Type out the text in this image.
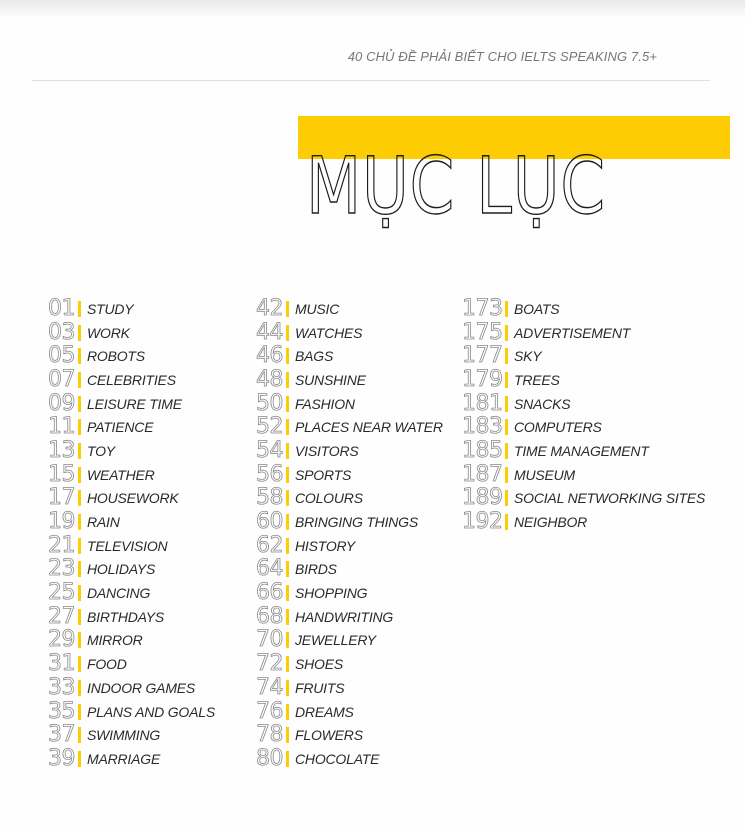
40 CHỦ ĐỀ PHẢI BIẾT CHO IELTS SPEAKING 7.5+
MỤC LỤC
01 STUDY
03 WORK
05 ROBOTS
07 CELEBRITIES
09 LEISURE TIME
11 PATIENCE
13 TOY
15 WEATHER
17 HOUSEWORK
19 RAIN
21 TELEVISION
23 HOLIDAYS
25 DANCING
27 BIRTHDAYS
29 MIRROR
31 FOOD
33 INDOOR GAMES
35 PLANS AND GOALS
37 SWIMMING
39 MARRIAGE
42 MUSIC
44 WATCHES
46 BAGS
48 SUNSHINE
50 FASHION
52 PLACES NEAR WATER
54 VISITORS
56 SPORTS
58 COLOURS
60 BRINGING THINGS
62 HISTORY
64 BIRDS
66 SHOPPING
68 HANDWRITING
70 JEWELLERY
72 SHOES
74 FRUITS
76 DREAMS
78 FLOWERS
80 CHOCOLATE
173 BOATS
175 ADVERTISEMENT
177 SKY
179 TREES
181 SNACKS
183 COMPUTERS
185 TIME MANAGEMENT
187 MUSEUM
189 SOCIAL NETWORKING SITES
192 NEIGHBOR
